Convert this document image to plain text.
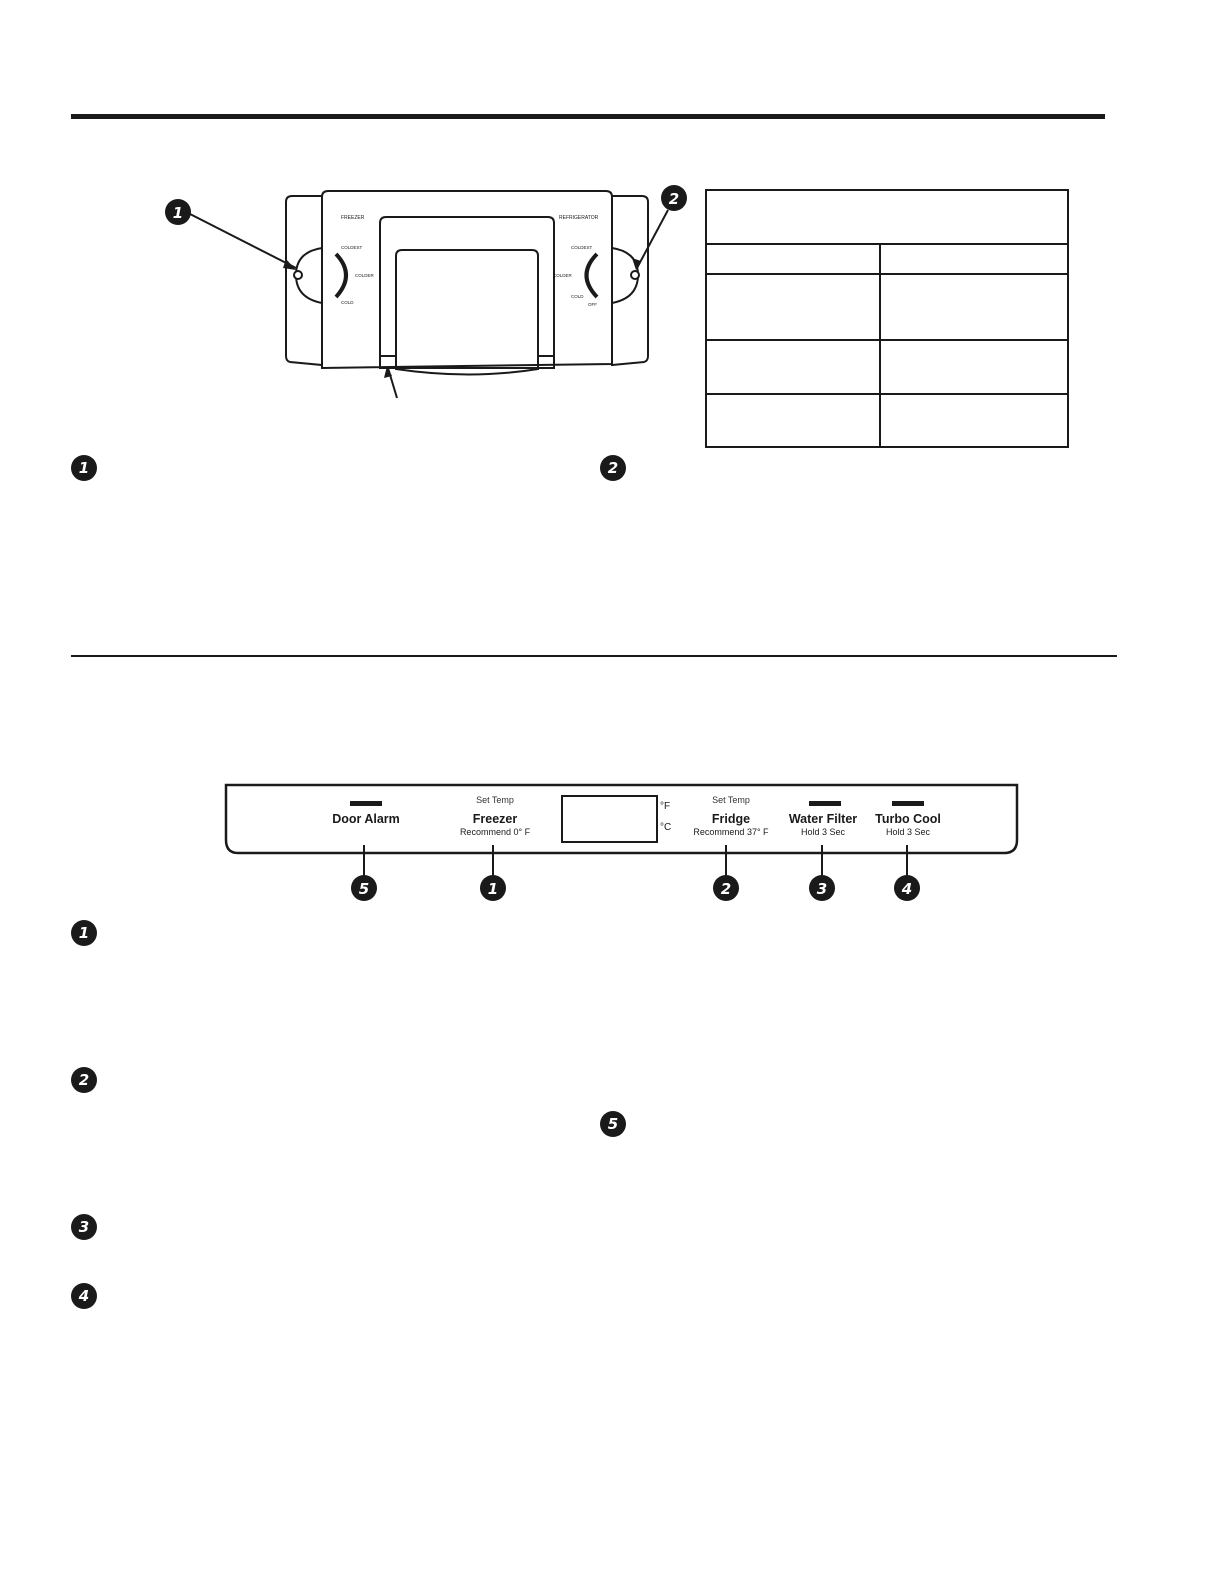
FREEZER	REFRIGERATOR
COLDEST
COLDER
COLD
COLDEST
COLDER
COLD
OFF
1
2
1	2
Door Alarm
Set Temp
Freezer
Recommend 0° F
°F
°C
Set Temp
Fridge
Recommend 37° F
Water Filter
Hold 3 Sec
Turbo Cool
Hold 3 Sec
5	1	2	3	4
1
2
3
4
5
